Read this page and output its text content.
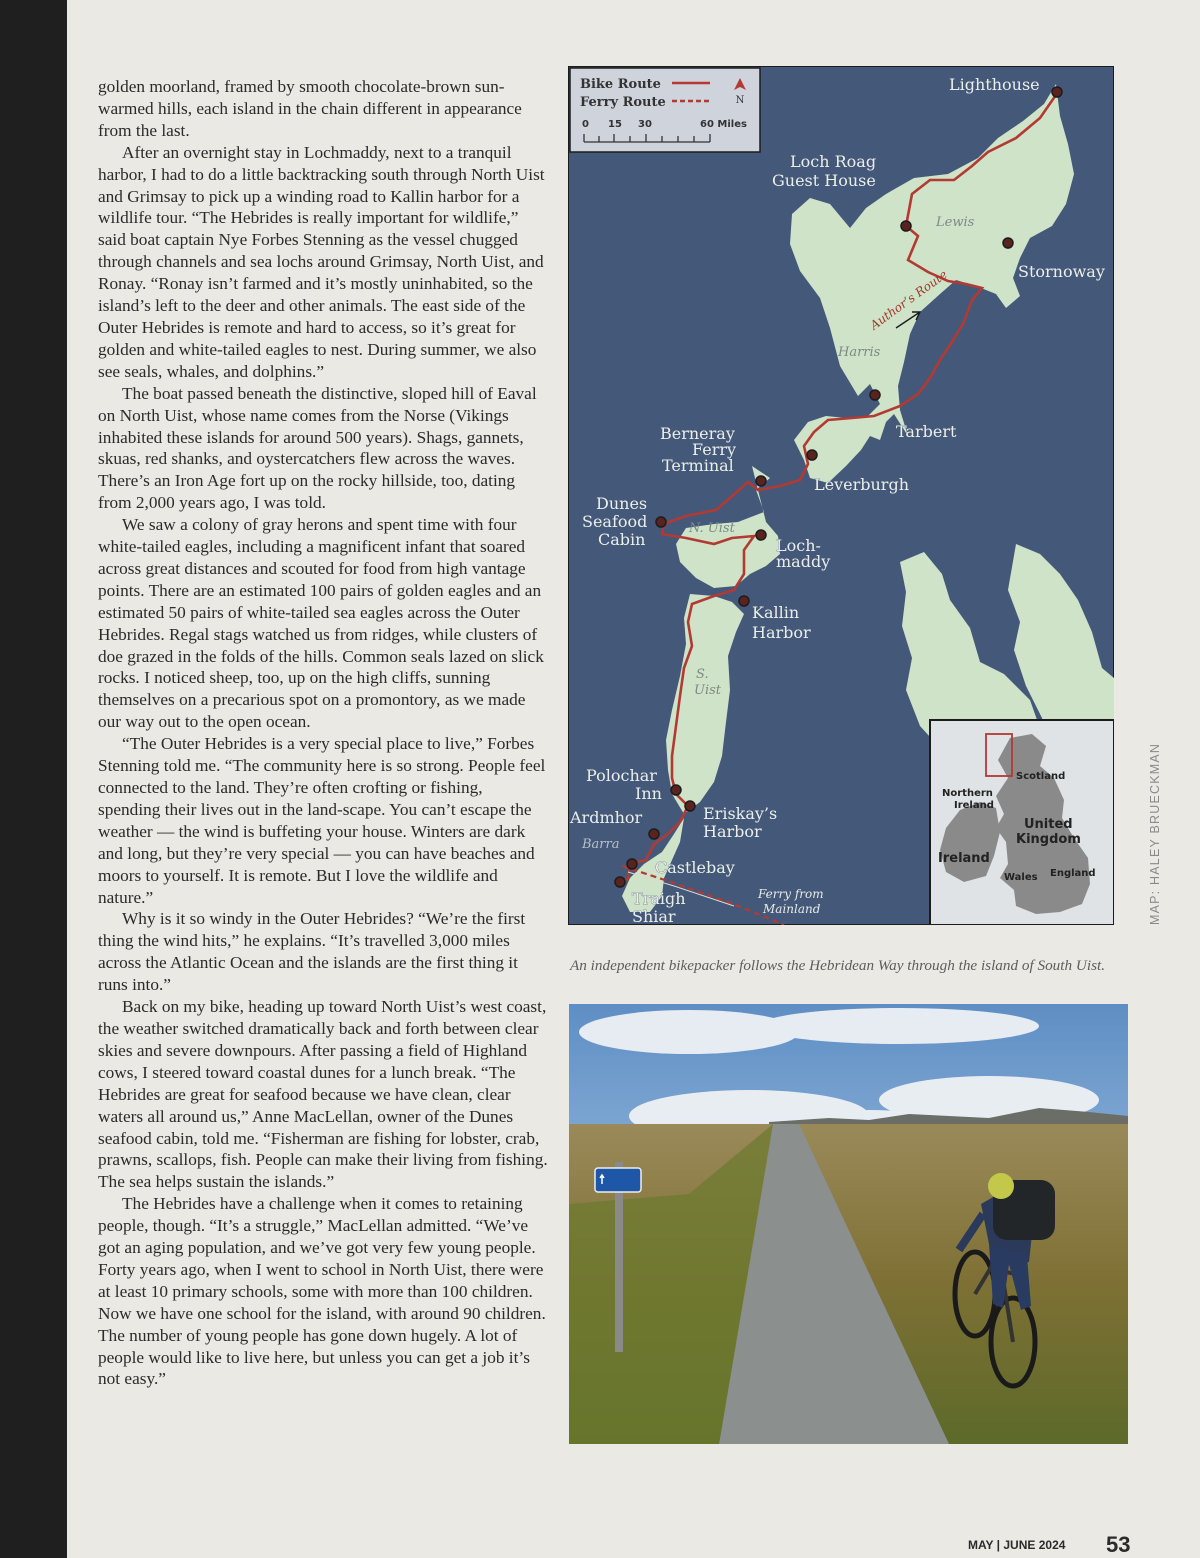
golden moorland, framed by smooth chocolate-brown sun-warmed hills, each island in the chain different in appearance from the last.

After an overnight stay in Lochmaddy, next to a tranquil harbor, I had to do a little backtracking south through North Uist and Grimsay to pick up a winding road to Kallin harbor for a wildlife tour. “The Hebrides is really important for wildlife,” said boat captain Nye Forbes Stenning as the vessel chugged through channels and sea lochs around Grimsay, North Uist, and Ronay. “Ronay isn’t farmed and it’s mostly uninhabited, so the island’s left to the deer and other animals. The east side of the Outer Hebrides is remote and hard to access, so it’s great for golden and white-tailed eagles to nest. During summer, we also see seals, whales, and dolphins.”

The boat passed beneath the distinctive, sloped hill of Eaval on North Uist, whose name comes from the Norse (Vikings inhabited these islands for around 500 years). Shags, gannets, skuas, red shanks, and oystercatchers flew across the waves. There’s an Iron Age fort up on the rocky hillside, too, dating from 2,000 years ago, I was told.

We saw a colony of gray herons and spent time with four white-tailed eagles, including a magnificent infant that soared across great distances and scouted for food from high vantage points. There are an estimated 100 pairs of golden eagles and an estimated 50 pairs of white-tailed sea eagles across the Outer Hebrides. Regal stags watched us from ridges, while clusters of doe grazed in the folds of the hills. Common seals lazed on slick rocks. I noticed sheep, too, up on the high cliffs, sunning themselves on a precarious spot on a promontory, as we made our way out to the open ocean.

“The Outer Hebrides is a very special place to live,” Forbes Stenning told me. “The community here is so strong. People feel connected to the land. They’re often crofting or fishing, spending their lives out in the land-scape. You can’t escape the weather — the wind is buffeting your house. Winters are dark and long, but they’re very special — you can have beaches and moors to yourself. It is remote. But I love the wildlife and nature.”

Why is it so windy in the Outer Hebrides? “We’re the first thing the wind hits,” he explains. “It’s travelled 3,000 miles across the Atlantic Ocean and the islands are the first thing it runs into.”

Back on my bike, heading up toward North Uist’s west coast, the weather switched dramatically back and forth between clear skies and severe downpours. After passing a field of Highland cows, I steered toward coastal dunes for a lunch break. “The Hebrides are great for seafood because we have clean, clear waters all around us,” Anne MacLellan, owner of the Dunes seafood cabin, told me. “Fisherman are fishing for lobster, crab, prawns, scallops, fish. People can make their living from fishing. The sea helps sustain the islands.”

The Hebrides have a challenge when it comes to retaining people, though. “It’s a struggle,” MacLellan admitted. “We’ve got an aging population, and we’ve got very few young people. Forty years ago, when I went to school in North Uist, there were at least 10 primary schools, some with more than 100 children. Now we have one school for the island, with around 90 children. The number of young people has gone down hugely. A lot of people would like to live here, but unless you can get a job it’s not easy.”

Bike Route
Ferry Route	N
0 15 30	60 Miles
Lighthouse
Loch Roag
Guest House
Stornoway
Tarbert
Berneray
Ferry
Terminal
Leverburgh
Dunes
Seafood
Cabin	Loch-
maddy
Kallin
Harbor
Polochar
Inn
Eriskay’s
Harbor
Ardmhor
Castlebay
Traigh
Shiar
Lewis
Harris
N. Uist
S.
Uist
Barra
Author’s Route
Ferry from
Mainland
Scotland
Northern
Ireland
United
Kingdom
Ireland
Wales England	MAP: HALEY BRUECKMAN
An independent bikepacker follows the Hebridean Way through the island of South Uist.
MAY | JUNE 2024 53
